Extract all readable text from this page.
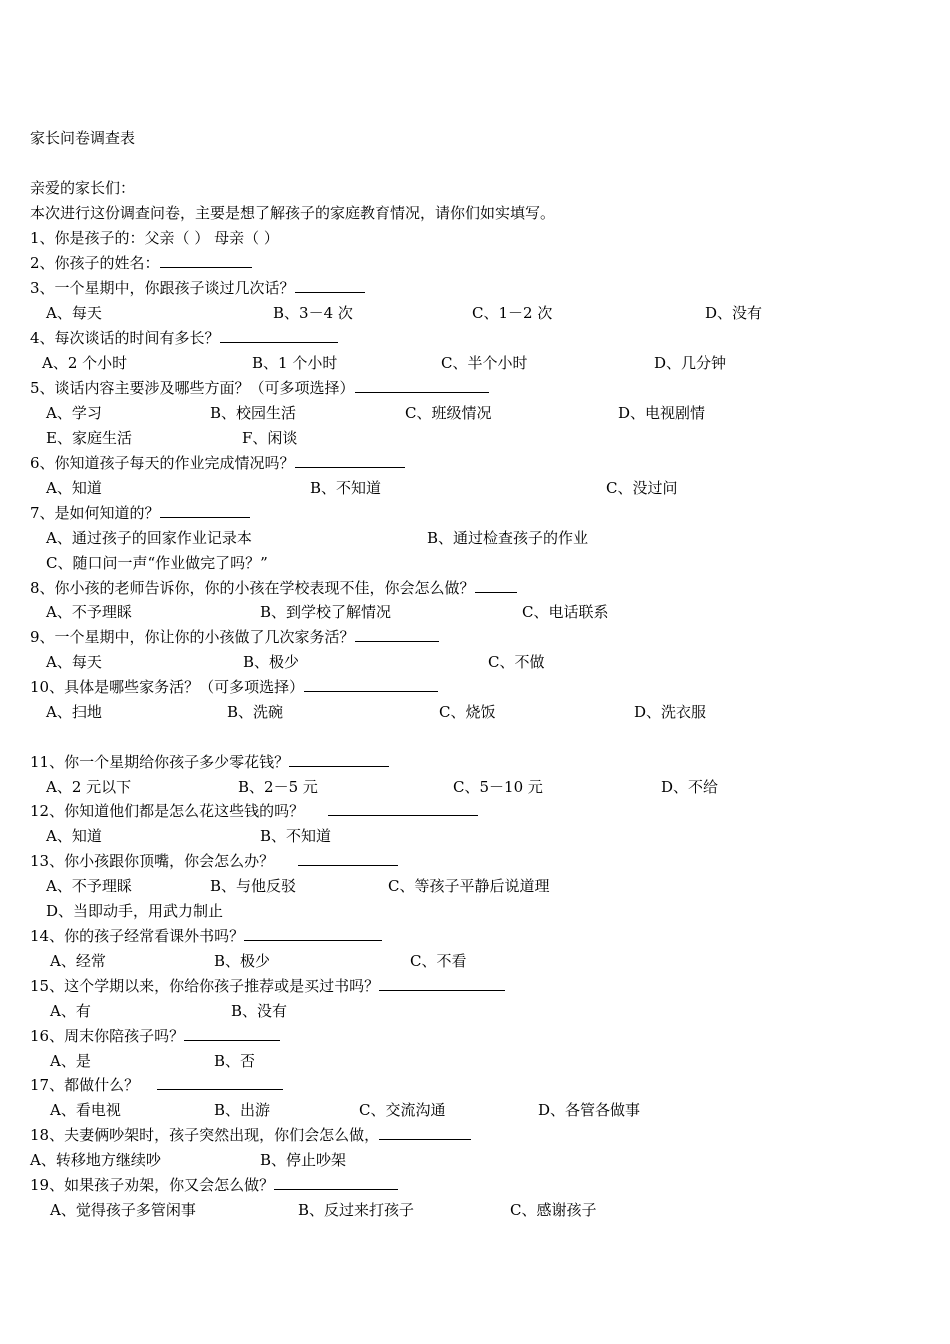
家长问卷调查表
亲爱的家长们：
本次进行这份调查问卷，主要是想了解孩子的家庭教育情况，请你们如实填写。
1、你是孩子的：父亲（ ） 母亲（ ）
2、你孩子的姓名：
3、一个星期中，你跟孩子谈过几次话？
A、每天	B、3－4 次	C、1－2 次	D、没有
4、每次谈话的时间有多长？
A、2 个小时	B、1 个小时	C、半个小时	D、几分钟
5、谈话内容主要涉及哪些方面？（可多项选择）
A、学习	B、校园生活	C、班级情况	D、电视剧情
E、家庭生活	F、闲谈
6、你知道孩子每天的作业完成情况吗？
A、知道	B、不知道	C、没过问
7、是如何知道的？
A、通过孩子的回家作业记录本	B、通过检查孩子的作业
C、随口问一声“作业做完了吗？”
8、你小孩的老师告诉你，你的小孩在学校表现不佳，你会怎么做？
A、不予理睬	B、到学校了解情况	C、电话联系
9、一个星期中，你让你的小孩做了几次家务活？
A、每天	B、极少	C、不做
10、具体是哪些家务活？（可多项选择）
A、扫地	B、洗碗	C、烧饭	D、洗衣服
11、你一个星期给你孩子多少零花钱？
A、2 元以下	B、2－5 元	C、5－10 元	D、不给
12、你知道他们都是怎么花这些钱的吗？
A、知道	B、不知道
13、你小孩跟你顶嘴，你会怎么办？
A、不予理睬	B、与他反驳	C、等孩子平静后说道理
D、当即动手，用武力制止
14、你的孩子经常看课外书吗？
A、经常	B、极少	C、不看
15、这个学期以来，你给你孩子推荐或是买过书吗？
A、有	B、没有
16、周末你陪孩子吗？
A、是	B、否
17、都做什么？
A、看电视	B、出游	C、交流沟通	D、各管各做事
18、夫妻俩吵架时，孩子突然出现，你们会怎么做，
A、转移地方继续吵	B、停止吵架
19、如果孩子劝架，你又会怎么做？
A、觉得孩子多管闲事	B、反过来打孩子	C、感谢孩子
